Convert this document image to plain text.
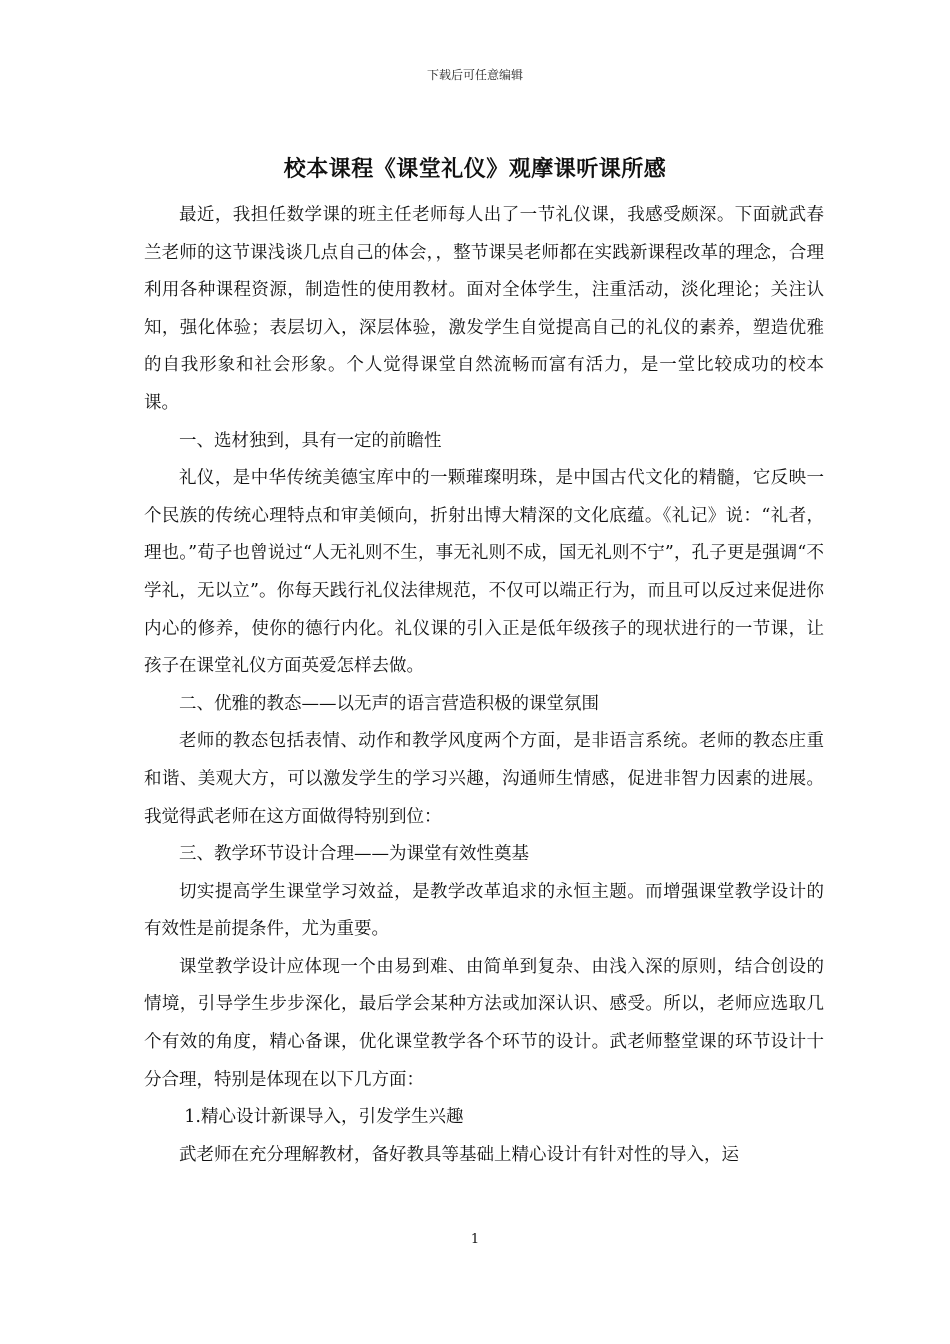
下载后可任意编辑
校本课程《课堂礼仪》观摩课听课所感

最近，我担任数学课的班主任老师每人出了一节礼仪课，我感受颇深。下面就武春兰老师的这节课浅谈几点自己的体会，，整节课吴老师都在实践新课程改革的理念，合理利用各种课程资源，制造性的使用教材。面对全体学生，注重活动，淡化理论；关注认知，强化体验；表层切入，深层体验，激发学生自觉提高自己的礼仪的素养，塑造优雅的自我形象和社会形象。个人觉得课堂自然流畅而富有活力，是一堂比较成功的校本课。

一、选材独到，具有一定的前瞻性

礼仪，是中华传统美德宝库中的一颗璀璨明珠，是中国古代文化的精髓，它反映一个民族的传统心理特点和审美倾向，折射出博大精深的文化底蕴。《礼记》说：“礼者，理也。”荀子也曾说过“人无礼则不生，事无礼则不成，国无礼则不宁”，孔子更是强调“不学礼，无以立”。你每天践行礼仪法律规范，不仅可以端正行为，而且可以反过来促进你内心的修养，使你的德行内化。礼仪课的引入正是低年级孩子的现状进行的一节课，让孩子在课堂礼仪方面英爱怎样去做。

二、优雅的教态——以无声的语言营造积极的课堂氛围

老师的教态包括表情、动作和教学风度两个方面，是非语言系统。老师的教态庄重和谐、美观大方，可以激发学生的学习兴趣，沟通师生情感，促进非智力因素的进展。我觉得武老师在这方面做得特别到位：

三、教学环节设计合理——为课堂有效性奠基

切实提高学生课堂学习效益，是教学改革追求的永恒主题。而增强课堂教学设计的有效性是前提条件，尤为重要。

课堂教学设计应体现一个由易到难、由简单到复杂、由浅入深的原则，结合创设的情境，引导学生步步深化，最后学会某种方法或加深认识、感受。所以，老师应选取几个有效的角度，精心备课，优化课堂教学各个环节的设计。武老师整堂课的环节设计十分合理，特别是体现在以下几方面：

1.精心设计新课导入，引发学生兴趣

武老师在充分理解教材，备好教具等基础上精心设计有针对性的导入，运

1
